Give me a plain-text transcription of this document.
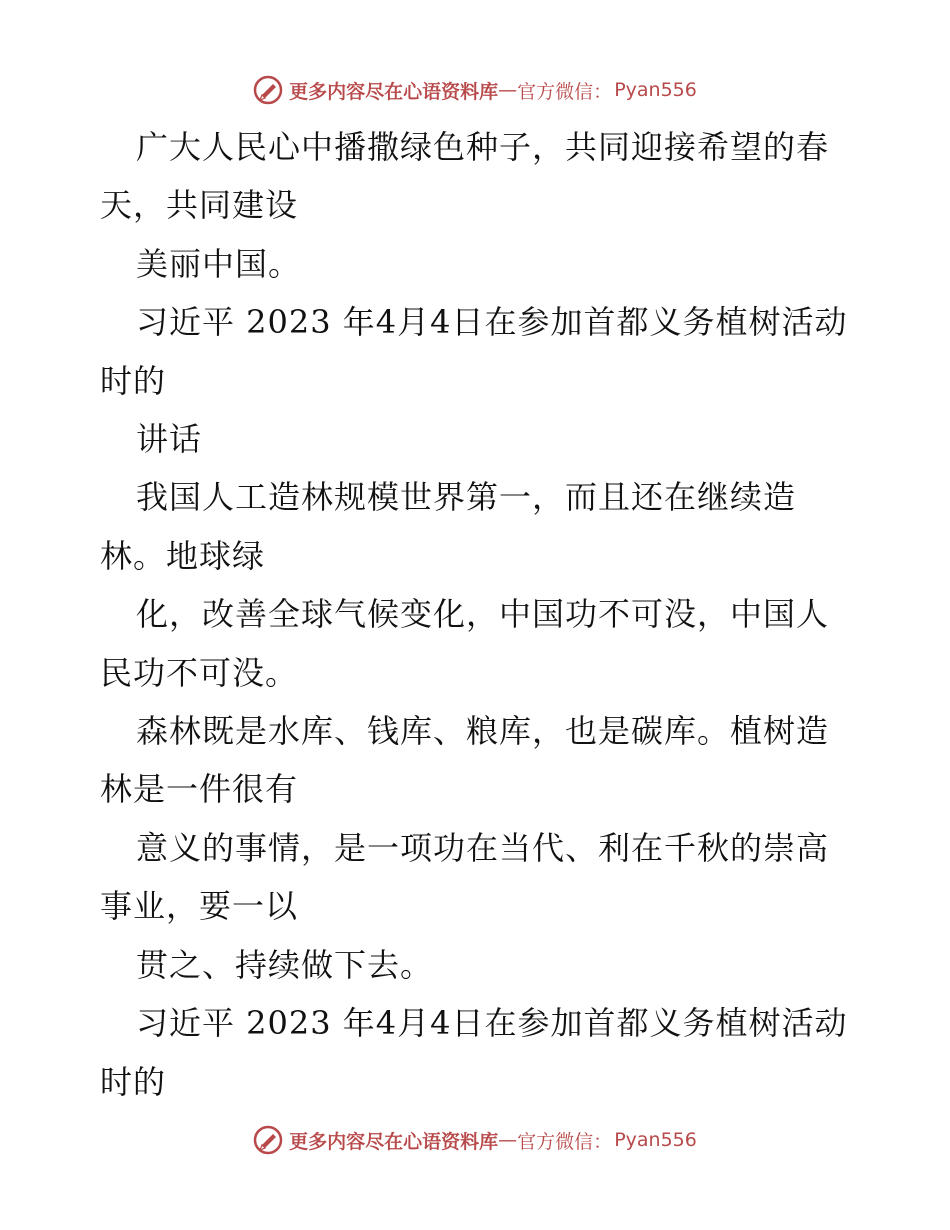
更多内容尽在心语资料库 — 官方微信： Pyan556

广大人民心中播撒绿色种子，共同迎接希望的春天，共同建设

美丽中国。

习近平 2023 年4月4日在参加首都义务植树活动时的

讲话

我国人工造林规模世界第一，而且还在继续造林。地球绿

化，改善全球气候变化，中国功不可没，中国人民功不可没。

森林既是水库、钱库、粮库，也是碳库。植树造林是一件很有

意义的事情，是一项功在当代、利在千秋的崇高事业，要一以

贯之、持续做下去。

习近平 2023 年4月4日在参加首都义务植树活动时的

更多内容尽在心语资料库 — 官方微信： Pyan556
